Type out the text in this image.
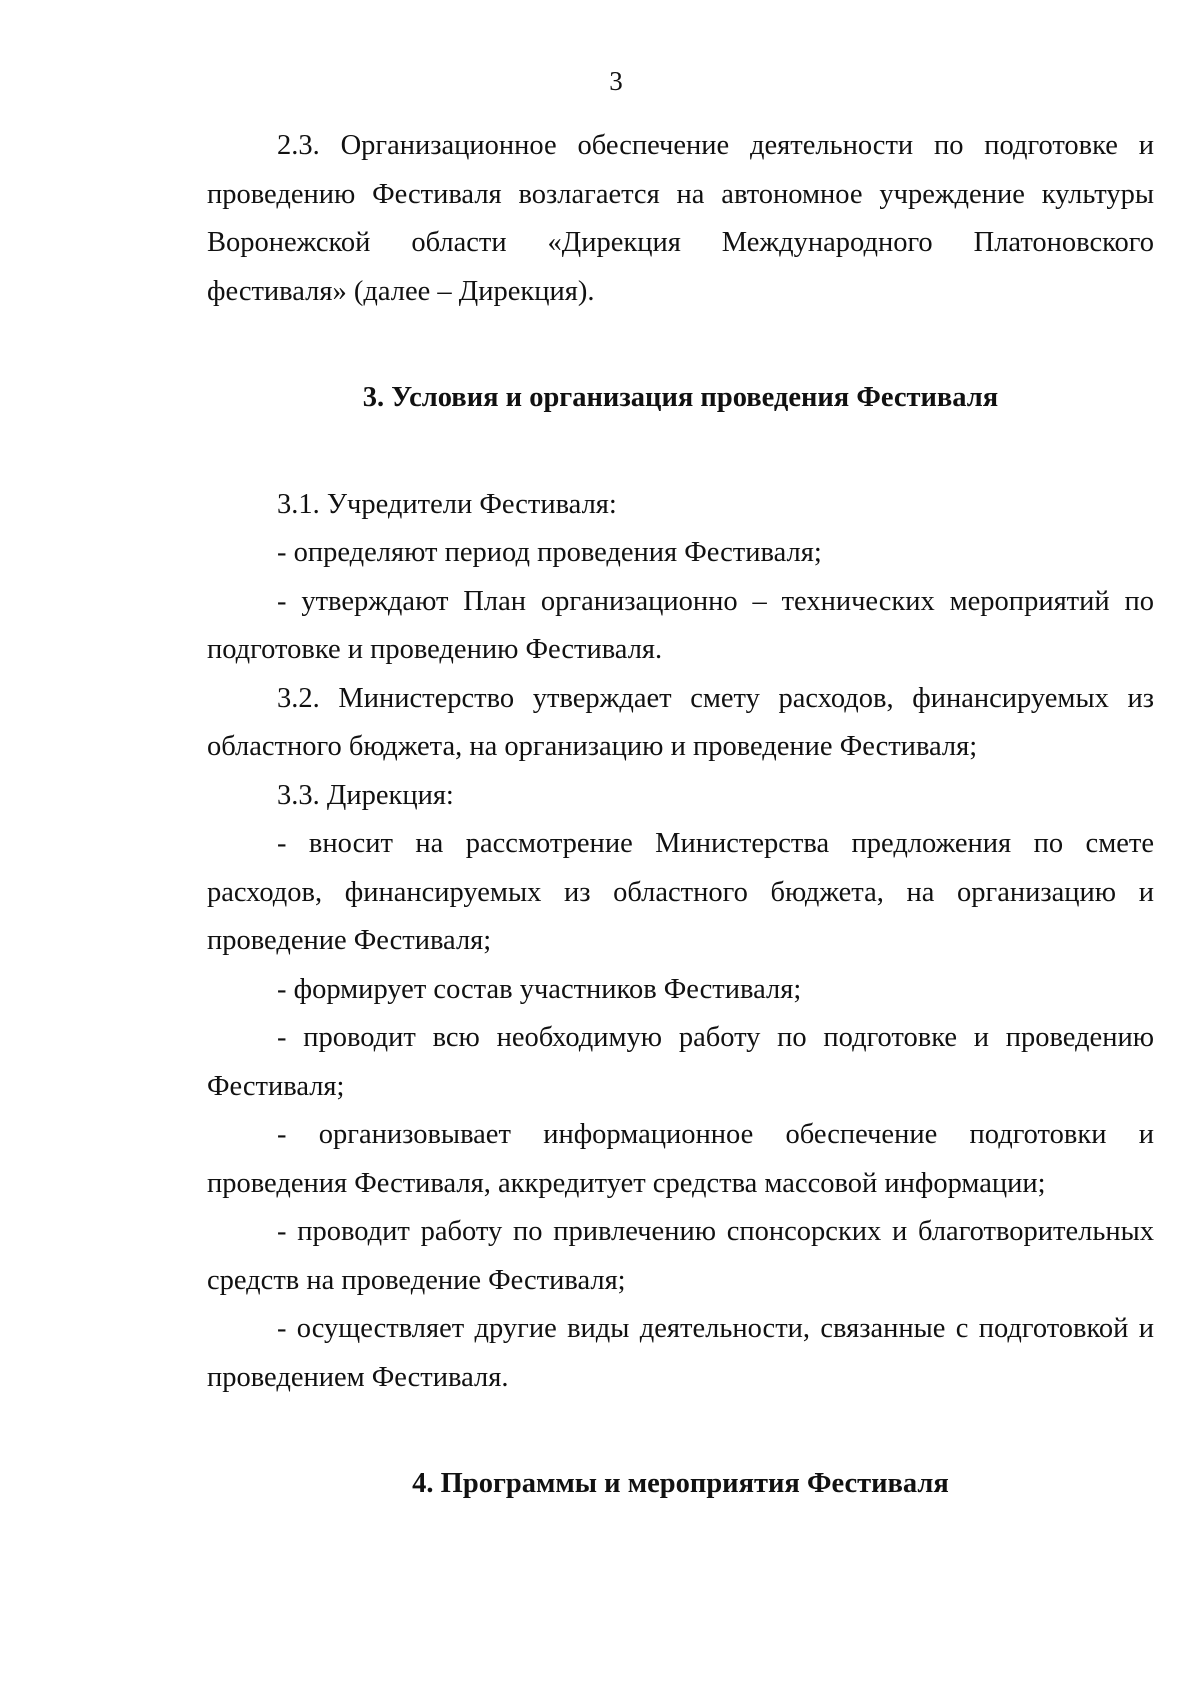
3

2.3. Организационное обеспечение деятельности по подготовке и проведению Фестиваля возлагается на автономное учреждение культуры Воронежской области «Дирекция Международного Платоновского фестиваля» (далее – Дирекция).

3. Условия и организация проведения Фестиваля

3.1. Учредители Фестиваля:

- определяют период проведения Фестиваля;

- утверждают План организационно – технических мероприятий по подготовке и проведению Фестиваля.

3.2. Министерство утверждает смету расходов, финансируемых из областного бюджета, на организацию и проведение Фестиваля;

3.3. Дирекция:

- вносит на рассмотрение Министерства предложения по смете расходов, финансируемых из областного бюджета, на организацию и проведение Фестиваля;

- формирует состав участников Фестиваля;

- проводит всю необходимую работу по подготовке и проведению Фестиваля;

- организовывает информационное обеспечение подготовки и проведения Фестиваля, аккредитует средства массовой информации;

- проводит работу по привлечению спонсорских и благотворительных средств на проведение Фестиваля;

- осуществляет другие виды деятельности, связанные с подготовкой и проведением Фестиваля.

4. Программы и мероприятия Фестиваля
